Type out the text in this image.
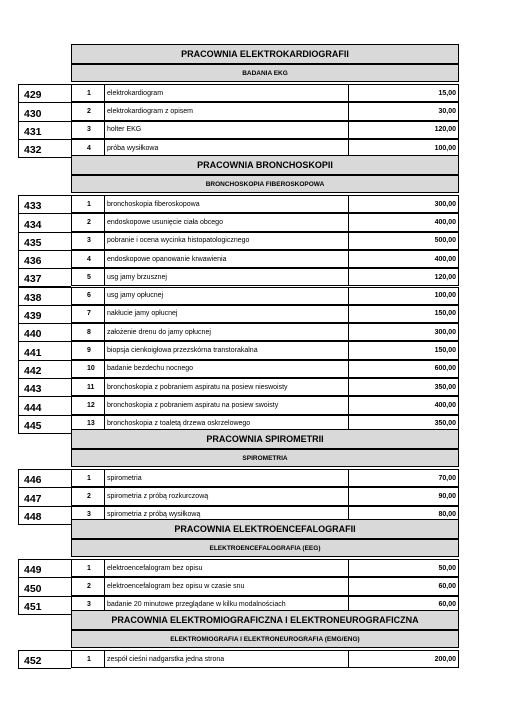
PRACOWNIA ELEKTROKARDIOGRAFII
BADANIA EKG
429	1	elektrokardiogram	15,00
430	2	elektrokardiogram z opisem	30,00
431	3	holter EKG	120,00
432	4	próba wysiłkowa	100,00
PRACOWNIA BRONCHOSKOPII
BRONCHOSKOPIA FIBEROSKOPOWA
433	1	bronchoskopia fiberoskopowa	300,00
434	2	endoskopowe usunięcie ciała obcego	400,00
435	3	pobranie i ocena wycinka histopatologicznego	500,00
436	4	endoskopowe opanowanie krwawienia	400,00
437	5	usg jamy brzusznej	120,00
438	6	usg jamy opłucnej	100,00
439	7	nakłucie jamy opłucnej	150,00
440	8	założenie drenu do jamy opłucnej	300,00
441	9	biopsja cienkoigłowa przezskórna transtorakalna	150,00
442	10	badanie bezdechu nocnego	600,00
443	11	bronchoskopia z pobraniem aspiratu na posiew nieswoisty	350,00
444	12	bronchoskopia z pobraniem aspiratu na posiew swoisty	400,00
445	13	bronchoskopia z toaletą drzewa oskrzelowego	350,00
PRACOWNIA SPIROMETRII
SPIROMETRIA
446	1	spirometria	70,00
447	2	spirometria z próbą rozkurczową	90,00
448	3	spirometria z próbą wysiłkową	80,00
PRACOWNIA ELEKTROENCEFALOGRAFII
ELEKTROENCEFALOGRAFIA (EEG)
449	1	elektroencefalogram bez opisu	50,00
450	2	elektroencefalogram bez opisu w czasie snu	60,00
451	3	badanie 20 minutowe przeglądane w kilku modalnościach	60,00
PRACOWNIA ELEKTROMIOGRAFICZNA I ELEKTRONEUROGRAFICZNA
ELEKTROMIOGRAFIA I ELEKTRONEUROGRAFIA (EMG/ENG)
452	1	zespół cieśni nadgarstka jedna strona	200,00
